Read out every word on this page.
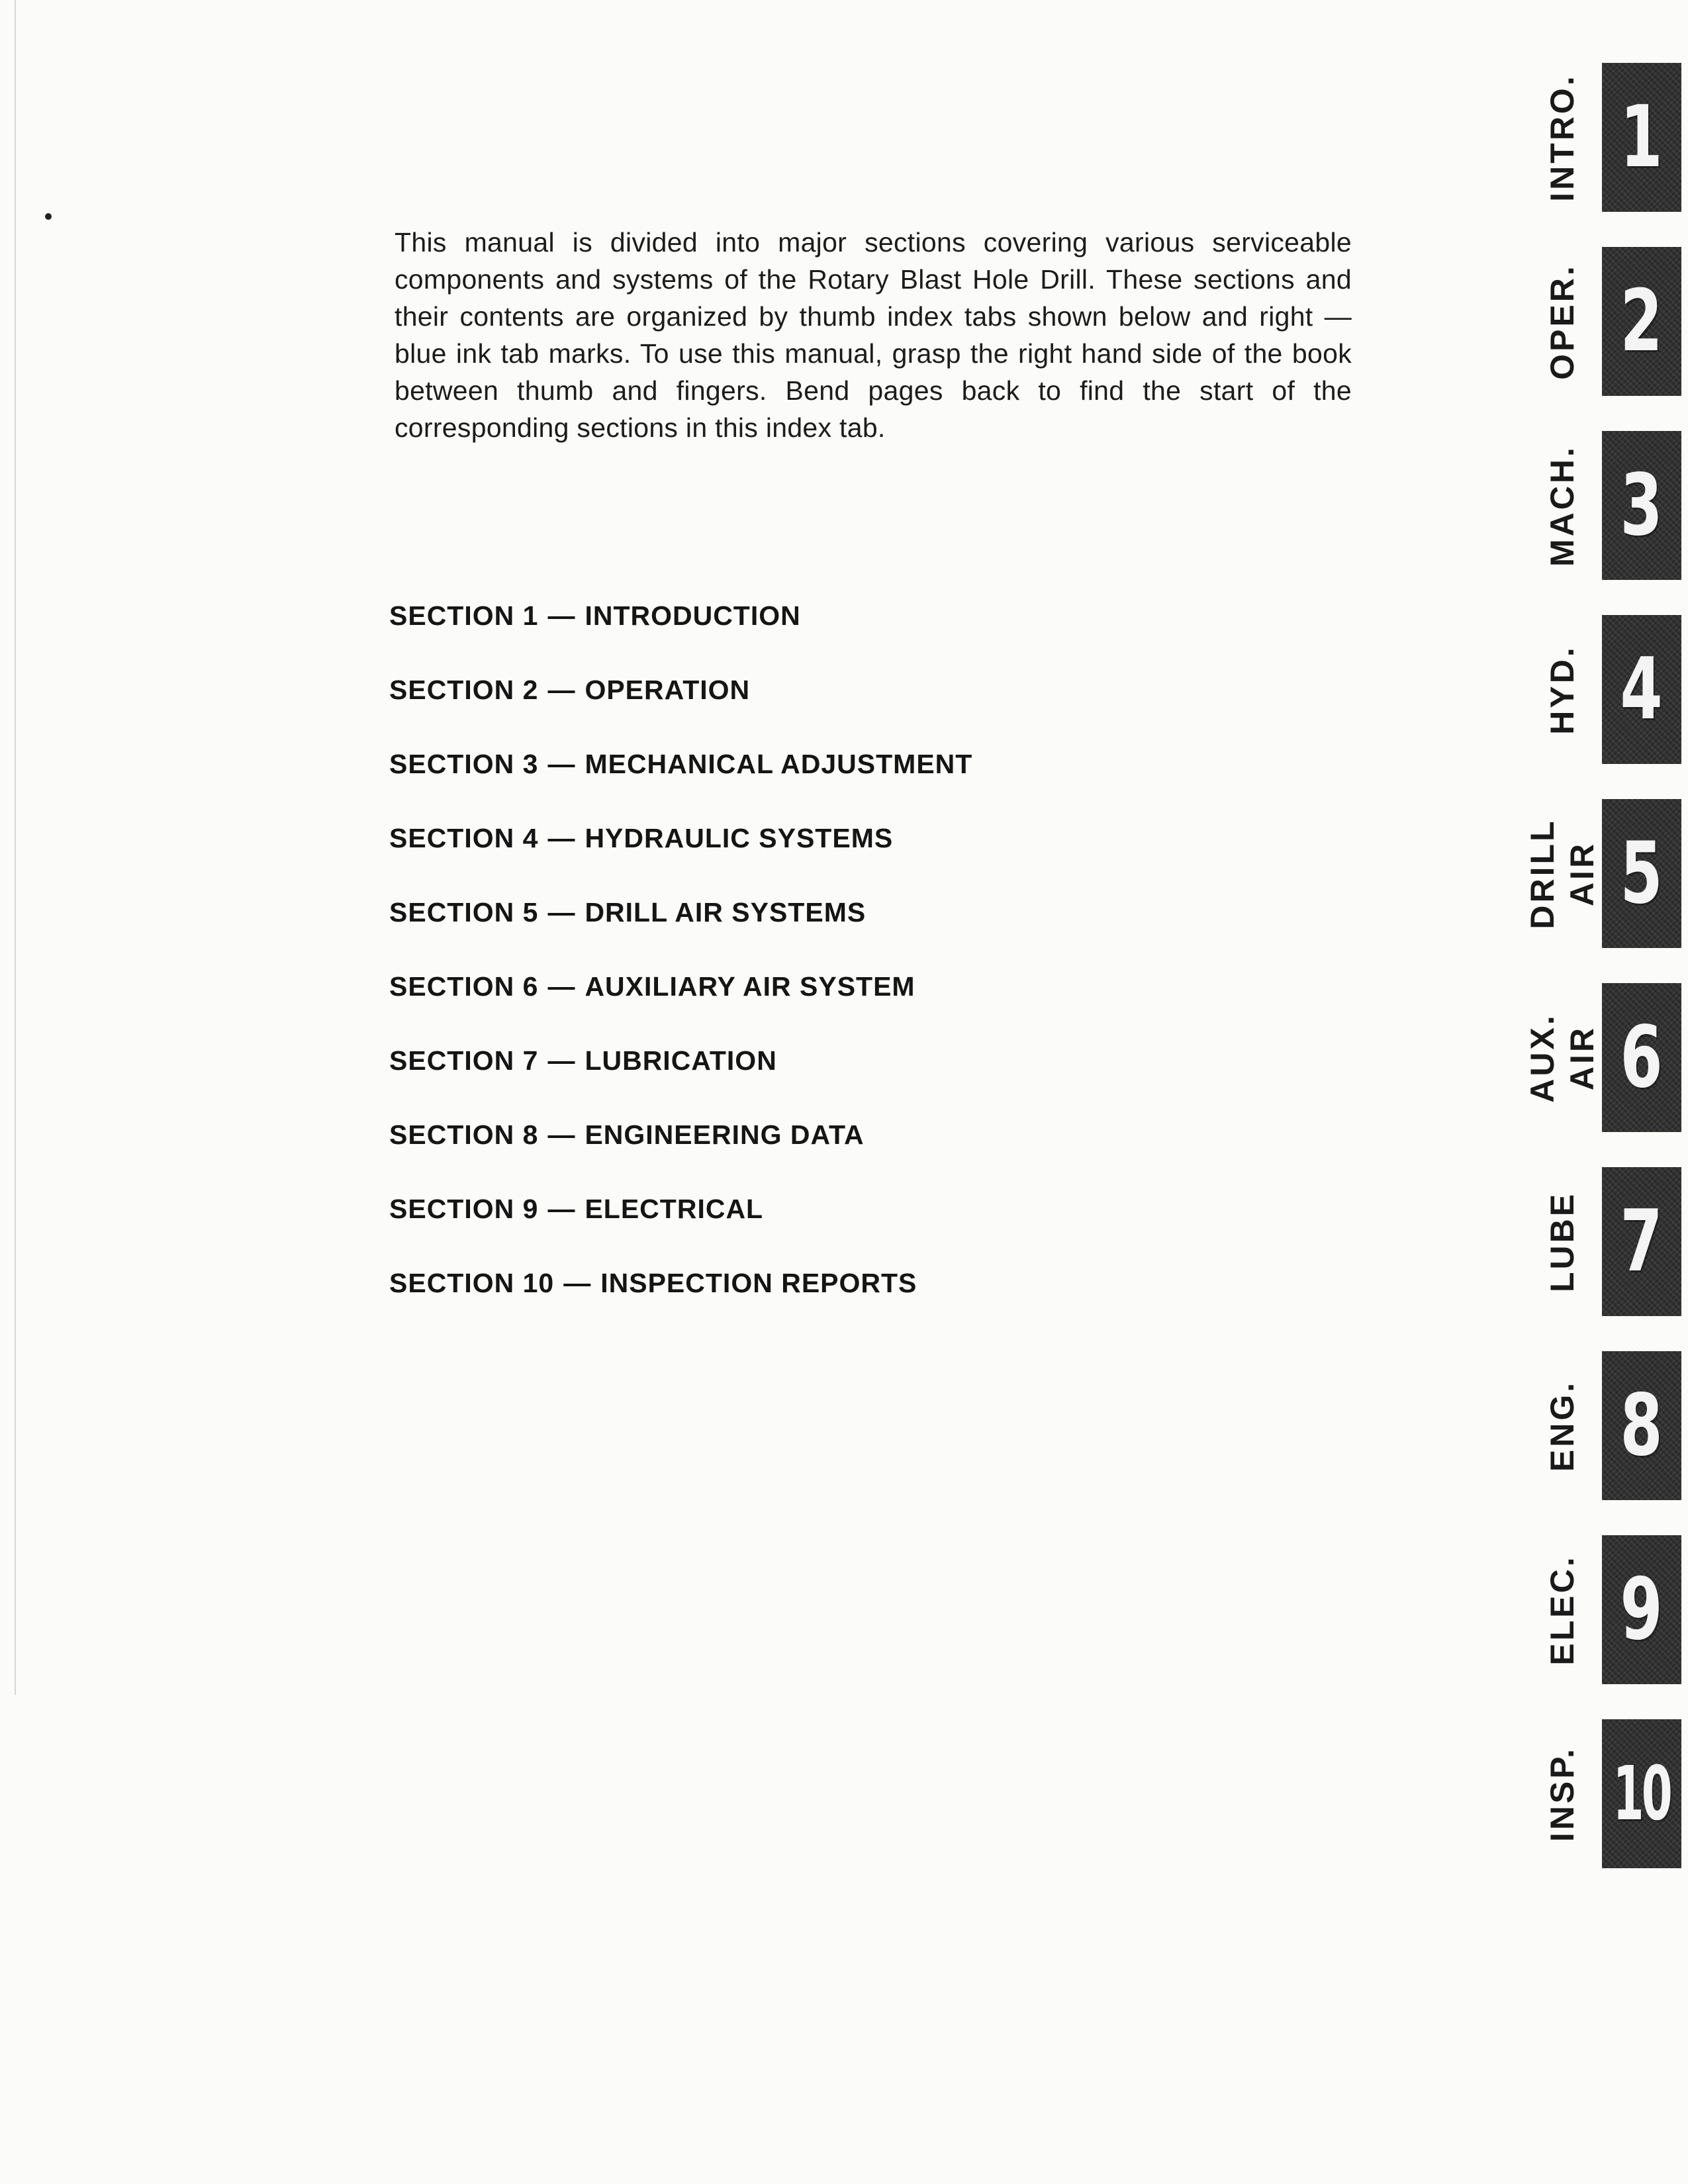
This manual is divided into major sections covering various serviceable components and systems of the Rotary Blast Hole Drill. These sections and their contents are organized by thumb index tabs shown below and right — blue ink tab marks. To use this manual, grasp the right hand side of the book between thumb and fingers. Bend pages back to find the start of the corresponding sections in this index tab.
SECTION 1 — INTRODUCTION
SECTION 2 — OPERATION
SECTION 3 — MECHANICAL ADJUSTMENT
SECTION 4 — HYDRAULIC SYSTEMS
SECTION 5 — DRILL AIR SYSTEMS
SECTION 6 — AUXILIARY AIR SYSTEM
SECTION 7 — LUBRICATION
SECTION 8 — ENGINEERING DATA
SECTION 9 — ELECTRICAL
SECTION 10 — INSPECTION REPORTS
INTRO. 1
OPER. 2
MACH. 3
HYD. 4
DRILL
AIR 5
AUX.
AIR 6
LUBE 7
ENG. 8
ELEC. 9
INSP. 10
